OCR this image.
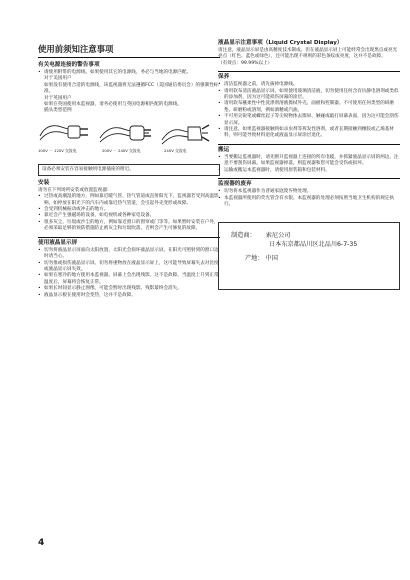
使用前须知注意事项
有关电源连接的警告事项
• 请使用附带的电源线。如果使用其它的电源线，务必与当地的电源匹配。

对于美国用户

如果没有使用合适的电源线，该监视器将无法遵循FCC（美国通信委员会）的强制性标准。

对于英国用户

如果在英国使用本监视器，请务必使用与英国电源相匹配的电源线。

插头类型范例

100V － 120V 交流电	200V － 240V 交流电	240V 交流电
设备必须安装在容易接触到电源插座的附近。
安装

请勿在下列场所安装或放置监视器：

• 过热或高潮湿的地方，例如靠近暖气管、热气管道或直射阳光下。监视器若受到高温影响，如停放在阳光下的汽车内或靠近热气管道，会引起外壳变形或故障。
• 会受到机械振动或冲击的地方。
• 靠近会产生强磁场的设备，如电视机或各种家电设备。
• 很多灰尘、垃圾或沙尘的地方，例如靠近窗口的窗帘或门等等。如果暂时安装在户外，必须采取足够的预防措施防止被灰尘和垃圾吹落，否则会产生可修复的故障。
使用液晶显示屏
• 切勿将液晶显示屏面向太阳放置，太阳光会损坏液晶显示屏。在阳光可照射到的窗口边时请当心。
• 切勿推或损伤液晶显示屏。切勿将重物放在液晶显示屏上，这可能导致屏幕失去对比度或液晶显示屏失效。
• 如果在寒冷的地方使用本监视器，屏幕上会出现残影。这不是故障。当温度上升到正常温度后，屏幕将会恢复正常。
• 如果长时间显示静止图像，可能会暂时出现残影。残影最终会消失。
• 液晶显示板在使用时会变热，这并不是故障。
液晶显示注意事项（Liquid Crystal Display）

请注意，液晶显示屏是由高精度技术制成。但在液晶显示屏上可能经常会出现黑点或亮光亮点（红色、蓝色或绿色），还可能出现不规则的彩色条纹或亮度，这并不是故障。

（有效点：99.99%以上）

保养
• 清洁监视器之前，请先拔掉电源线。
• 请用软布清洁液晶显示屏。如果使用玻璃清洁液，切勿使用任何含有抗静电溶剂或类似的添加剂，因为这可能损伤屏幕的涂层。
• 请用软布蘸柔性中性洗涤剂溶液擦拭外壳、面板和控制器。不可使用任何类型的研磨垫、研磨粉或溶剂，例如酒精或汽油。
• 不可用尖锐笔或螺丝起子等尖锐物体去擦屏、触碰或敲打屏幕表面，因为这可能会刮伤显示屏。
• 请注意，如果监视器接触到如杀虫剂等挥发性溶剂，或者长期接触到橡胶或乙烯基材料，则可能导致材料退化或液晶显示屏涂层退化。
搬运
• 当要搬运监视器时，请先断开监视器上连接的所有电缆，并抓紧液晶显示屏的两边，注意不要刮伤屏幕。如果监视器掉落，则监视器和您可能会受伤或损坏。
• 运输或搬运本监视器时，请使用原装箱和包装材料。
监视器的废弃
• 切勿将本监视器作为普通家庭废弃物处理。
• 本监视器所使用的荧光管含有水银。本监视器的处理必须按照当地卫生机构的规定执行。
制造商： 索尼公司
日本东京都品川区北品川6-7-35
产地： 中国
4
